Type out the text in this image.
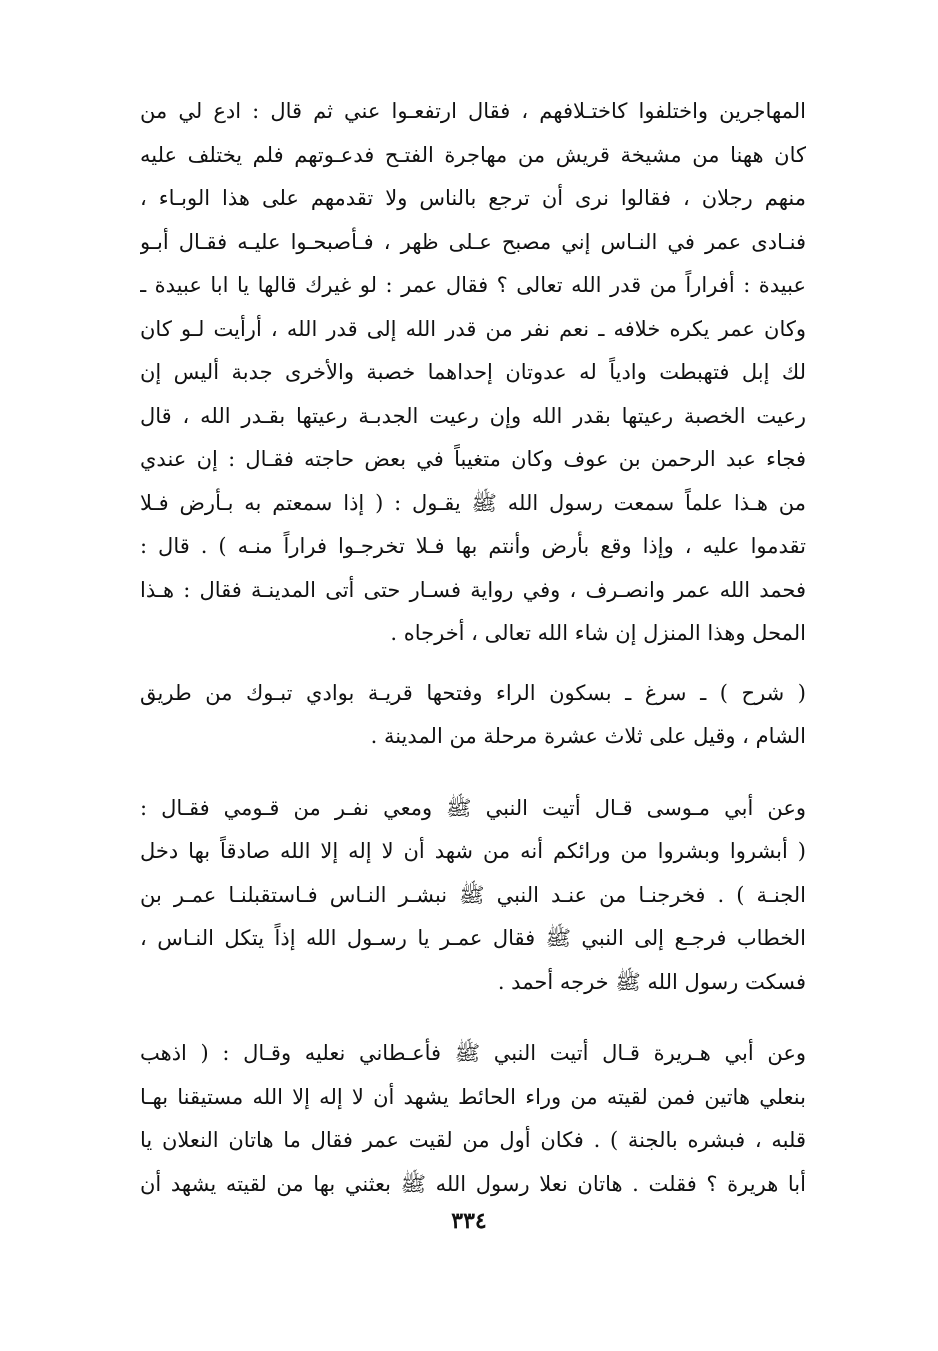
المهاجرين واختلفوا كاختـلافهم ، فقال ارتفعـوا عني ثم قال : ادع لي من
كان ههنا من مشيخة قريش من مهاجرة الفتـح فدعـوتهم فلم يختلف عليه
منهم رجلان ، فقالوا نرى أن ترجع بالناس ولا تقدمهم على هذا الوبـاء ،
فنـادى عمر في النـاس إني مصبح عـلى ظهر ، فـأصبحـوا عليـه فقـال أبـو
عبيدة : أفراراً من قدر الله تعالى ؟ فقال عمر : لو غيرك قالها يا ابا عبيدة ـ
وكان عمر يكره خلافه ـ نعم نفر من قدر الله إلى قدر الله ، أرأيت لـو كان
لك إبل فتهبطت وادياً له عدوتان إحداهما خصبة والأخرى جدبة أليس إن
رعيت الخصبة رعيتها بقدر الله وإن رعيت الجدبـة رعيتها بقـدر الله ، قال
فجاء عبد الرحمن بن عوف وكان متغيباً في بعض حاجته فقـال : إن عندي
من هـذا علماً سمعت رسول الله ﷺ يقـول : ( إذا سمعتم به بـأرض فـلا
تقدموا عليه ، وإذا وقع بأرض وأنتم بها فـلا تخرجـوا فراراً منـه ) . قال :
فحمد الله عمر وانصـرف ، وفي رواية فسـار حتى أتى المدينـة فقال : هـذا
المحل وهذا المنزل إن شاء الله تعالى ، أخرجاه .
( شرح ) ـ سرغ ـ بسكون الراء وفتحها قريـة بوادي تبـوك من طريق
الشام ، وقيل على ثلاث عشرة مرحلة من المدينة .
وعن أبي مـوسى قـال أتيت النبي ﷺ ومعي نفـر من قـومي فقـال :
( أبشروا وبشروا من ورائكم أنه من شهد أن لا إله إلا الله صادقاً بها دخل
الجنـة ) . فخرجنـا من عنـد النبي ﷺ نبشـر النـاس فـاستقبلنـا عمـر بن
الخطاب فرجـع إلى النبي ﷺ فقال عمـر يا رسـول الله إذاً يتكل النـاس ،
فسكت رسول الله ﷺ خرجه أحمد .
وعن أبي هـريرة قـال أتيت النبي ﷺ فأعـطاني نعليه وقـال : ( اذهب
بنعلي هاتين فمن لقيته من وراء الحائط يشهد أن لا إله إلا الله مستيقنا بهـا
قلبه ، فبشره بالجنة ) . فكان أول من لقيت عمر فقال ما هاتان النعلان يا
أبا هريرة ؟ فقلت . هاتان نعلا رسول الله ﷺ بعثني بها من لقيته يشهد أن
٣٣٤
